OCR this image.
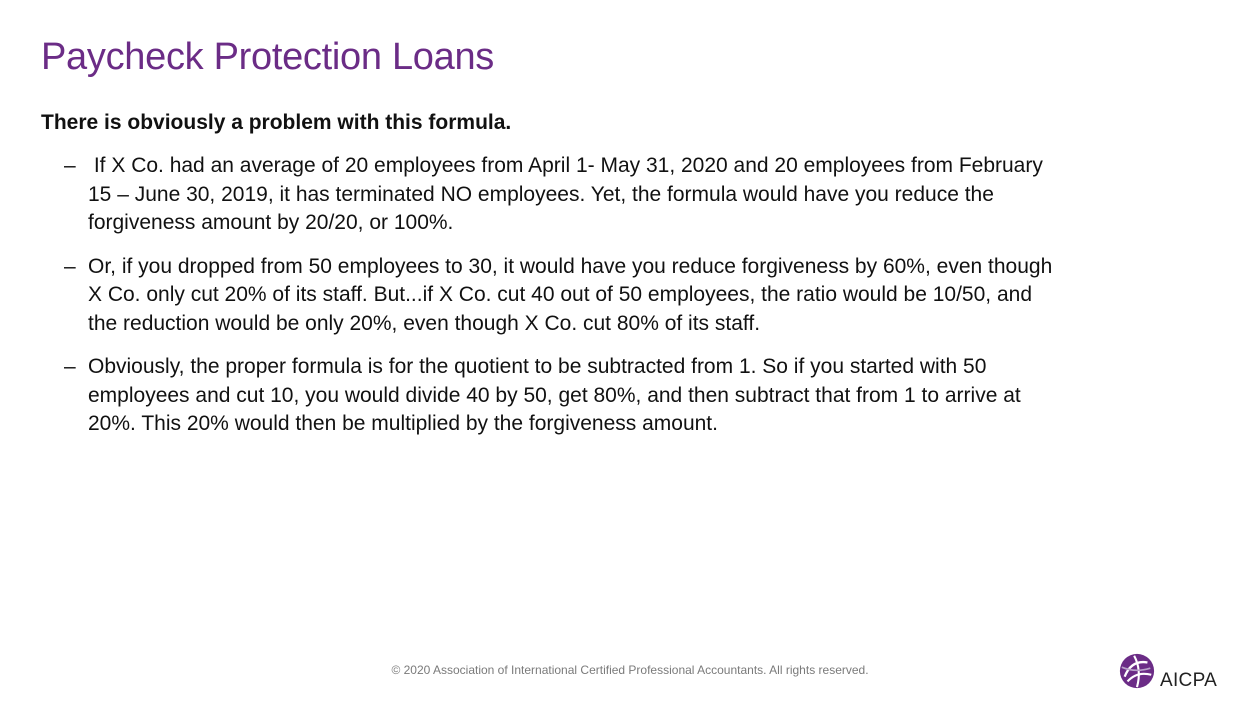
Paycheck Protection Loans

There is obviously a problem with this formula.

– If X Co. had an average of 20 employees from April 1- May 31, 2020 and 20 employees from February 15 – June 30, 2019, it has terminated NO employees. Yet, the formula would have you reduce the forgiveness amount by 20/20, or 100%.
– Or, if you dropped from 50 employees to 30, it would have you reduce forgiveness by 60%, even though X Co. only cut 20% of its staff. But...if X Co. cut 40 out of 50 employees, the ratio would be 10/50, and the reduction would be only 20%, even though X Co. cut 80% of its staff.
– Obviously, the proper formula is for the quotient to be subtracted from 1. So if you started with 50 employees and cut 10, you would divide 40 by 50, get 80%, and then subtract that from 1 to arrive at 20%. This 20% would then be multiplied by the forgiveness amount.
© 2020 Association of International Certified Professional Accountants. All rights reserved.	AICPA
